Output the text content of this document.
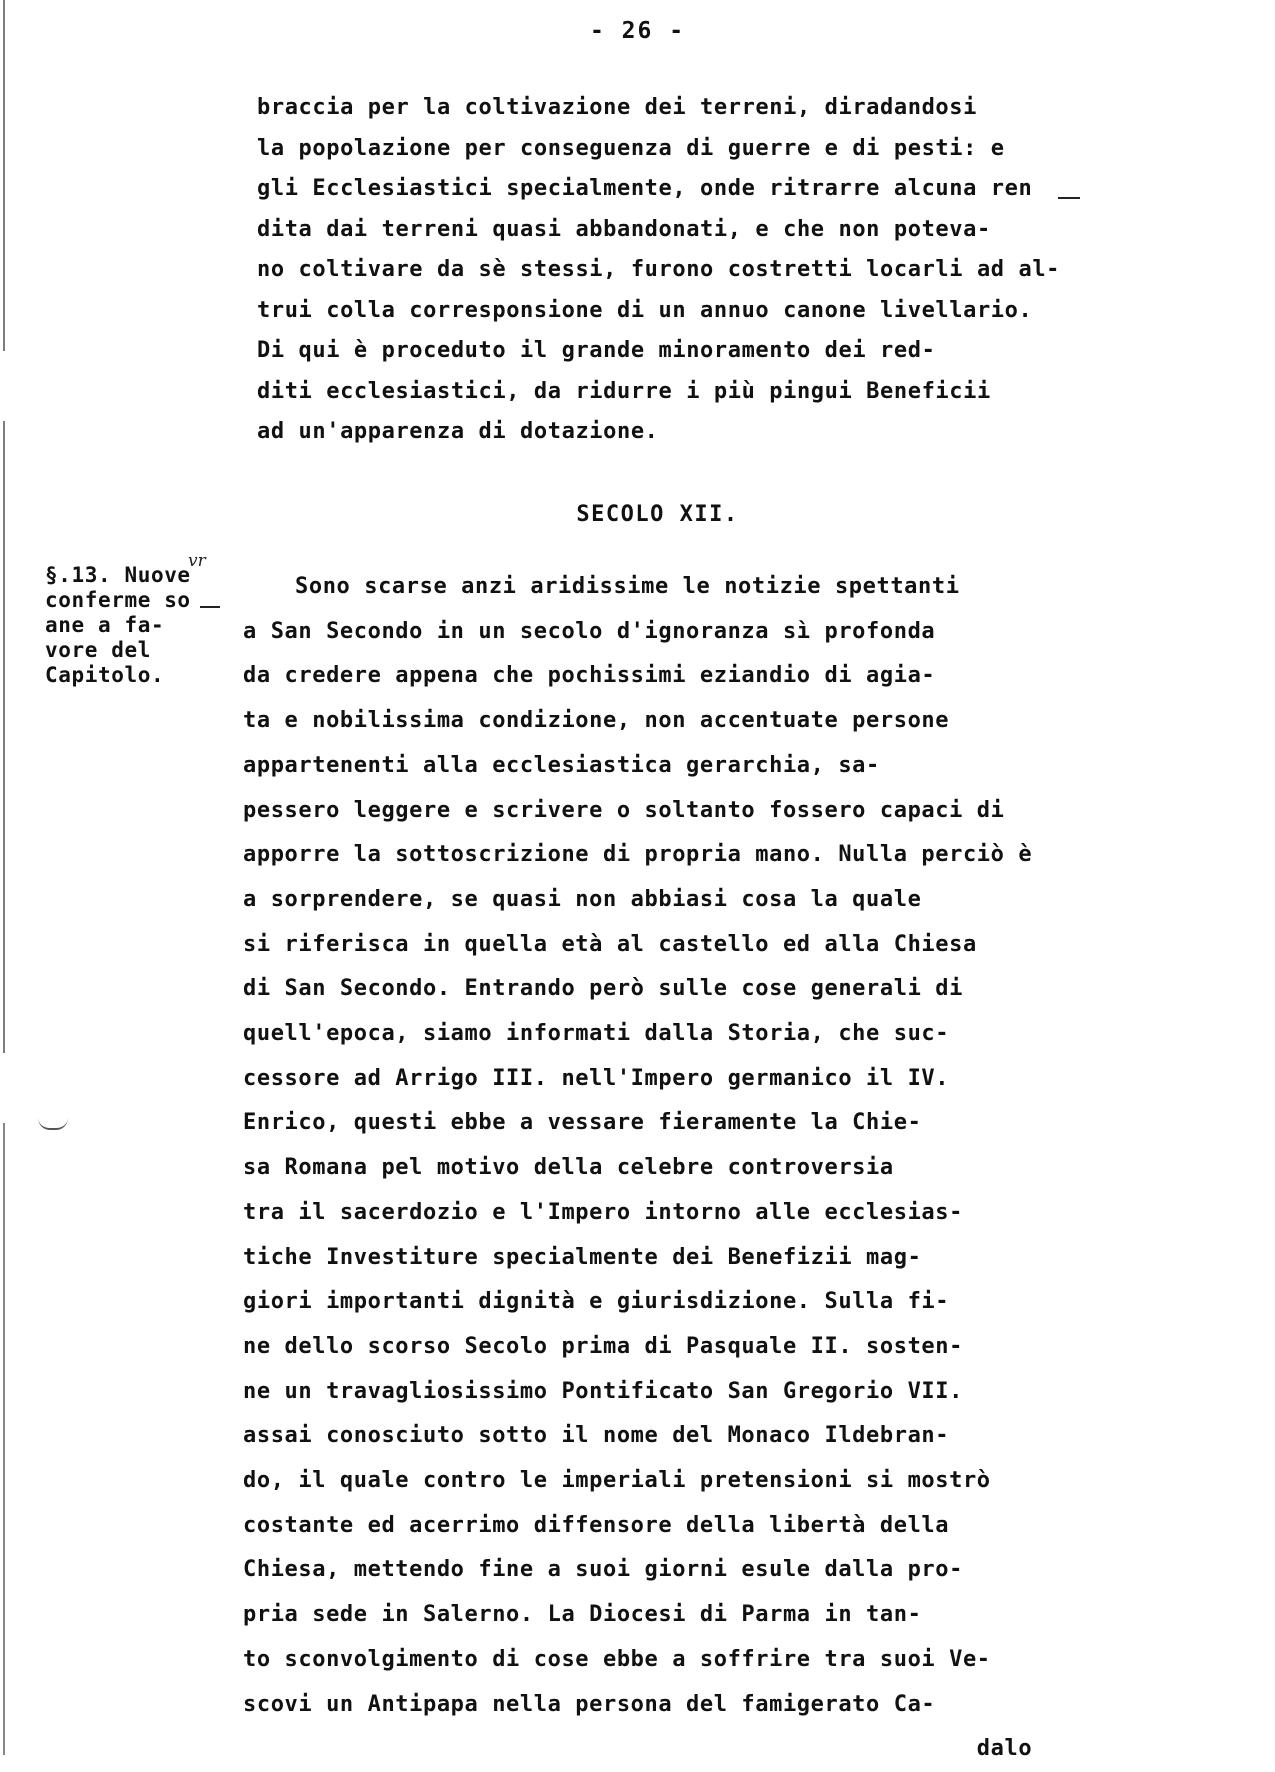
- 26 -
braccia per la coltivazione dei terreni, diradandosi
la popolazione per conseguenza di guerre e di pesti: e
gli Ecclesiastici specialmente, onde ritrarre alcuna ren
dita dai terreni quasi abbandonati, e che non poteva-
no coltivare da sè stessi, furono costretti locarli ad al-
trui colla corresponsione di un annuo canone livellario.
Di qui è proceduto il grande minoramento dei red-
diti ecclesiastici, da ridurre i più pingui Beneficii
ad un'apparenza di dotazione.
SECOLO XII.
§.13. Nuove
conferme so
ane a fa-
vore del
Capitolo.
vr
Sono scarse anzi aridissime le notizie spettanti
a San Secondo in un secolo d'ignoranza sì profonda
da credere appena che pochissimi eziandio di agia-
ta e nobilissima condizione, non accentuate persone
appartenenti alla ecclesiastica gerarchia, sa-
pessero leggere e scrivere o soltanto fossero capaci di
apporre la sottoscrizione di propria mano. Nulla perciò è
a sorprendere, se quasi non abbiasi cosa la quale
si riferisca in quella età al castello ed alla Chiesa
di San Secondo. Entrando però sulle cose generali di
quell'epoca, siamo informati dalla Storia, che suc-
cessore ad Arrigo III. nell'Impero germanico il IV.
Enrico, questi ebbe a vessare fieramente la Chie-
sa Romana pel motivo della celebre controversia
tra il sacerdozio e l'Impero intorno alle ecclesias-
tiche Investiture specialmente dei Benefizii mag-
giori importanti dignità e giurisdizione. Sulla fi-
ne dello scorso Secolo prima di Pasquale II. sosten-
ne un travagliosissimo Pontificato San Gregorio VII.
assai conosciuto sotto il nome del Monaco Ildebran-
do, il quale contro le imperiali pretensioni si mostrò
costante ed acerrimo diffensore della libertà della
Chiesa, mettendo fine a suoi giorni esule dalla pro-
pria sede in Salerno. La Diocesi di Parma in tan-
to sconvolgimento di cose ebbe a soffrire tra suoi Ve-
scovi un Antipapa nella persona del famigerato Ca-
dalo
